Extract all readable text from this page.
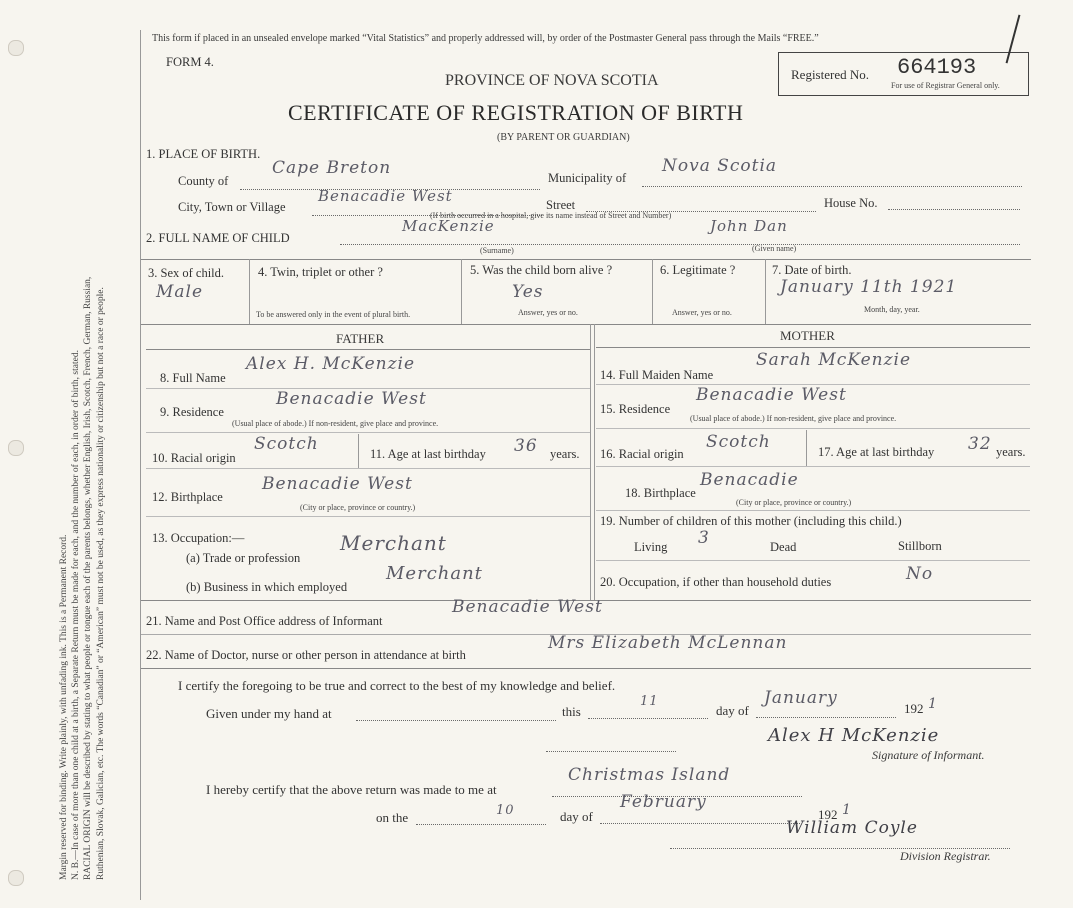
Margin reserved for binding. Write plainly, with unfading ink. This is a Permanent Record. N. B.—In case of more than one child at a birth, a Separate Return must be made for each, and the number of each, in order of birth, stated. RACIAL ORIGIN will be described by stating to what people or tongue each of the parents belongs, whether English, Irish, Scotch, French, German, Russian, Ruthenian, Slovak, Galician, etc. The words “Canadian” or “American” must not be used, as they express nationality or citizenship but not a race or people.
This form if placed in an unsealed envelope marked “Vital Statistics” and properly addressed will, by order of the Postmaster General pass through the Mails “FREE.”
FORM 4.
PROVINCE OF NOVA SCOTIA
CERTIFICATE OF REGISTRATION OF BIRTH
(BY PARENT OR GUARDIAN)
Registered No. 664193
For use of Registrar General only.
1. PLACE OF BIRTH.
County of
Cape Breton	Municipality of
Nova Scotia
City, Town or Village
Benacadie West	Street	House No.
(If birth occurred in a hospital, give its name instead of Street and Number)
2. FULL NAME OF CHILD
MacKenzie	John Dan
(Surname)	(Given name)
3. Sex of child.
Male
4. Twin, triplet or other ?
To be answered only in the event of plural birth.
5. Was the child born alive ?
Yes
Answer, yes or no.
6. Legitimate ?
Answer, yes or no.
7. Date of birth.
January 11th 1921
Month, day, year.
FATHER	MOTHER
8. Full Name
Alex H. McKenzie
9. Residence
Benacadie West
(Usual place of abode.) If non-resident, give place and province.
10. Racial origin
Scotch	11. Age at last birthday 36 years.
12. Birthplace
Benacadie West
(City or place, province or country.)
13. Occupation:—
(a) Trade or profession
Merchant
(b) Business in which employed
Merchant
14. Full Maiden Name
Sarah McKenzie
15. Residence
Benacadie West
(Usual place of abode.) If non-resident, give place and province.
16. Racial origin
Scotch	17. Age at last birthday 32 years.
18. Birthplace
Benacadie
(City or place, province or country.)
19. Number of children of this mother (including this child.)
Living 3	Dead	Stillborn
20. Occupation, if other than household duties	No
21. Name and Post Office address of Informant
Benacadie West
22. Name of Doctor, nurse or other person in attendance at birth
Mrs Elizabeth McLennan
I certify the foregoing to be true and correct to the best of my knowledge and belief.
Given under my hand at	this
11
day of
January
192 1
Alex H McKenzie
Signature of Informant.
I hereby certify that the above return was made to me at
Christmas Island
on the	10	day of
February
192 1
William Coyle
Division Registrar.
